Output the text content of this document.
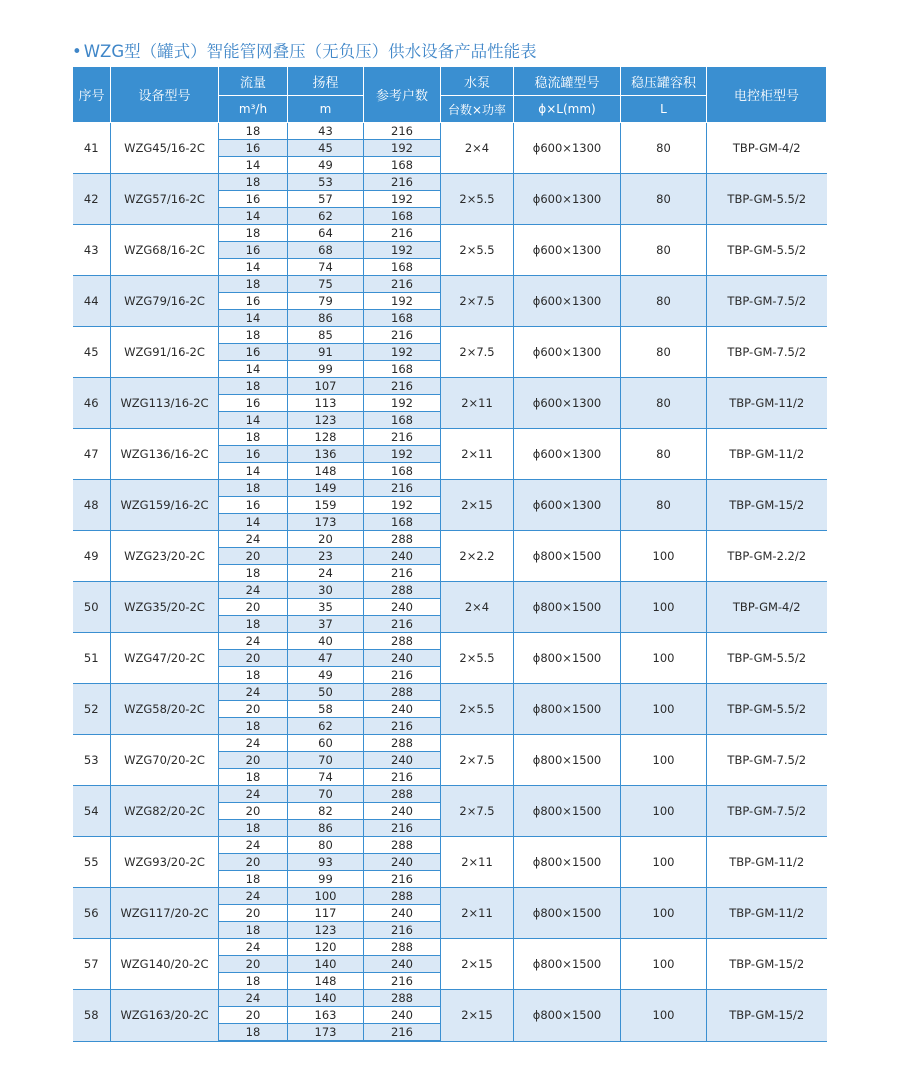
• WZG型（罐式）智能管网叠压（无负压）供水设备产品性能表
序号	设备型号	流量	扬程	参考户数	水泵	稳流罐型号	稳压罐容积	电控柜型号
		m³/h	m		台数×功率	ϕ×L(mm)	L	
41	WZG45/16-2C	18	43	216	2×4	ϕ600×1300	80	TBP-GM-4/2
		16	45	192				
		14	49	168				
42	WZG57/16-2C	18	53	216	2×5.5	ϕ600×1300	80	TBP-GM-5.5/2
		16	57	192				
		14	62	168				
43	WZG68/16-2C	18	64	216	2×5.5	ϕ600×1300	80	TBP-GM-5.5/2
		16	68	192				
		14	74	168				
44	WZG79/16-2C	18	75	216	2×7.5	ϕ600×1300	80	TBP-GM-7.5/2
		16	79	192				
		14	86	168				
45	WZG91/16-2C	18	85	216	2×7.5	ϕ600×1300	80	TBP-GM-7.5/2
		16	91	192				
		14	99	168				
46	WZG113/16-2C	18	107	216	2×11	ϕ600×1300	80	TBP-GM-11/2
		16	113	192				
		14	123	168				
47	WZG136/16-2C	18	128	216	2×11	ϕ600×1300	80	TBP-GM-11/2
		16	136	192				
		14	148	168				
48	WZG159/16-2C	18	149	216	2×15	ϕ600×1300	80	TBP-GM-15/2
		16	159	192				
		14	173	168				
49	WZG23/20-2C	24	20	288	2×2.2	ϕ800×1500	100	TBP-GM-2.2/2
		20	23	240				
		18	24	216				
50	WZG35/20-2C	24	30	288	2×4	ϕ800×1500	100	TBP-GM-4/2
		20	35	240				
		18	37	216				
51	WZG47/20-2C	24	40	288	2×5.5	ϕ800×1500	100	TBP-GM-5.5/2
		20	47	240				
		18	49	216				
52	WZG58/20-2C	24	50	288	2×5.5	ϕ800×1500	100	TBP-GM-5.5/2
		20	58	240				
		18	62	216				
53	WZG70/20-2C	24	60	288	2×7.5	ϕ800×1500	100	TBP-GM-7.5/2
		20	70	240				
		18	74	216				
54	WZG82/20-2C	24	70	288	2×7.5	ϕ800×1500	100	TBP-GM-7.5/2
		20	82	240				
		18	86	216				
55	WZG93/20-2C	24	80	288	2×11	ϕ800×1500	100	TBP-GM-11/2
		20	93	240				
		18	99	216				
56	WZG117/20-2C	24	100	288	2×11	ϕ800×1500	100	TBP-GM-11/2
		20	117	240				
		18	123	216				
57	WZG140/20-2C	24	120	288	2×15	ϕ800×1500	100	TBP-GM-15/2
		20	140	240				
		18	148	216				
58	WZG163/20-2C	24	140	288	2×15	ϕ800×1500	100	TBP-GM-15/2
		20	163	240				
		18	173	216				
